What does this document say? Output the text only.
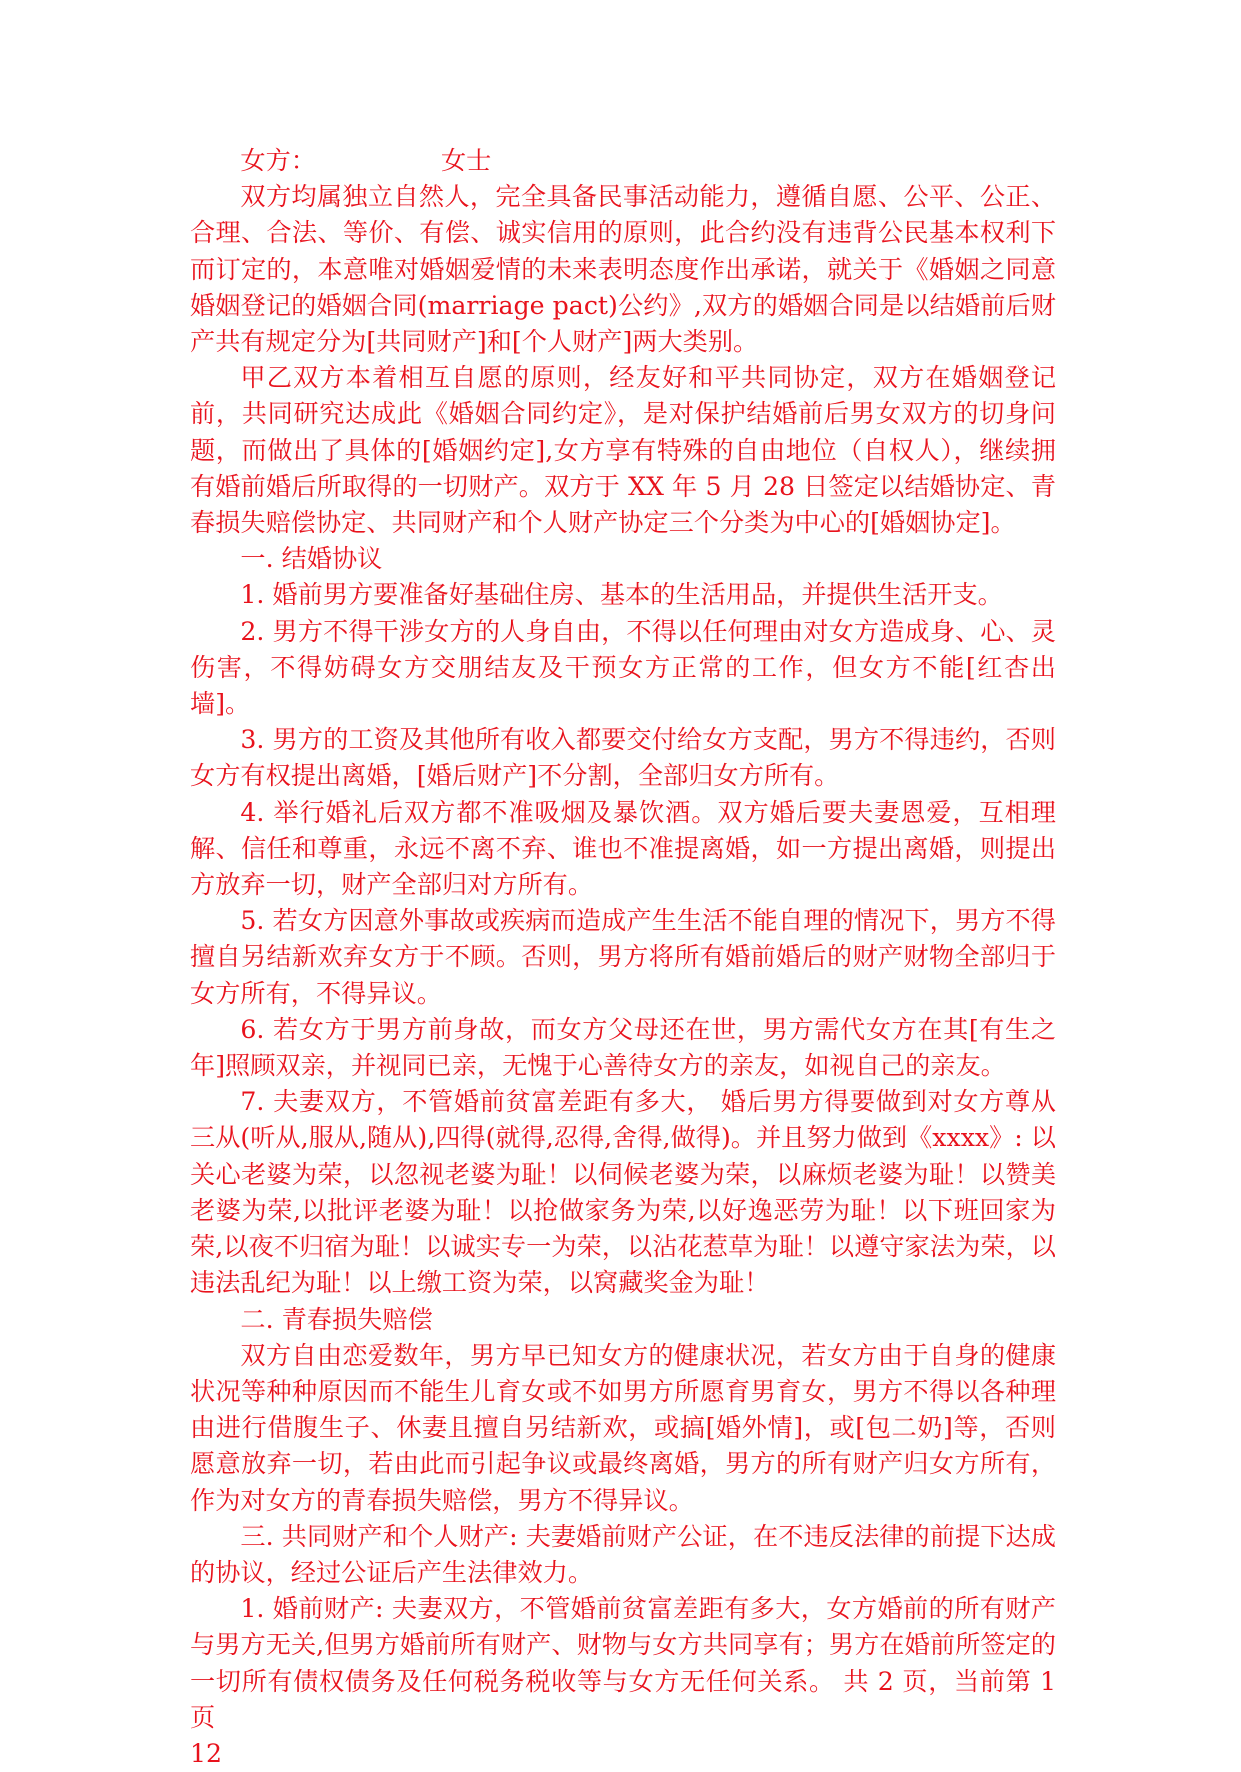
女方：	女士

双方均属独立自然人，完全具备民事活动能力，遵循自愿、公平、公正、合理、合法、等价、有偿、诚实信用的原则，此合约没有违背公民基本权利下而订定的，本意唯对婚姻爱情的未来表明态度作出承诺，就关于《婚姻之同意婚姻登记的婚姻合同(marriage pact)公约》,双方的婚姻合同是以结婚前后财产共有规定分为[共同财产]和[个人财产]两大类别。

甲乙双方本着相互自愿的原则，经友好和平共同协定，双方在婚姻登记前，共同研究达成此《婚姻合同约定》，是对保护结婚前后男女双方的切身问题，而做出了具体的[婚姻约定],女方享有特殊的自由地位（自权人），继续拥有婚前婚后所取得的一切财产。双方于 XX 年 5 月 28 日签定以结婚协定、青春损失赔偿协定、共同财产和个人财产协定三个分类为中心的[婚姻协定]。

一. 结婚协议

1. 婚前男方要准备好基础住房、基本的生活用品，并提供生活开支。

2. 男方不得干涉女方的人身自由，不得以任何理由对女方造成身、心、灵伤害，不得妨碍女方交朋结友及干预女方正常的工作，但女方不能[红杏出墙]。

3. 男方的工资及其他所有收入都要交付给女方支配，男方不得违约，否则女方有权提出离婚，[婚后财产]不分割，全部归女方所有。

4. 举行婚礼后双方都不准吸烟及暴饮酒。双方婚后要夫妻恩爱，互相理解、信任和尊重，永远不离不弃、谁也不准提离婚，如一方提出离婚，则提出方放弃一切，财产全部归对方所有。

5. 若女方因意外事故或疾病而造成产生生活不能自理的情况下，男方不得擅自另结新欢弃女方于不顾。否则，男方将所有婚前婚后的财产财物全部归于女方所有，不得异议。

6. 若女方于男方前身故，而女方父母还在世，男方需代女方在其[有生之年]照顾双亲，并视同已亲，无愧于心善待女方的亲友，如视自己的亲友。

7. 夫妻双方，不管婚前贫富差距有多大， 婚后男方得要做到对女方尊从三从(听从,服从,随从),四得(就得,忍得,舍得,做得)。并且努力做到《xxxx》: 以关心老婆为荣，以忽视老婆为耻！以伺候老婆为荣，以麻烦老婆为耻！以赞美老婆为荣,以批评老婆为耻！以抢做家务为荣,以好逸恶劳为耻！以下班回家为荣,以夜不归宿为耻！以诚实专一为荣，以沾花惹草为耻！以遵守家法为荣，以违法乱纪为耻！以上缴工资为荣，以窝藏奖金为耻！

二. 青春损失赔偿

双方自由恋爱数年，男方早已知女方的健康状况，若女方由于自身的健康状况等种种原因而不能生儿育女或不如男方所愿育男育女，男方不得以各种理由进行借腹生子、休妻且擅自另结新欢，或搞[婚外情]，或[包二奶]等，否则愿意放弃一切，若由此而引起争议或最终离婚，男方的所有财产归女方所有，作为对女方的青春损失赔偿，男方不得异议。

三. 共同财产和个人财产: 夫妻婚前财产公证，在不违反法律的前提下达成的协议，经过公证后产生法律效力。

1. 婚前财产: 夫妻双方，不管婚前贫富差距有多大，女方婚前的所有财产与男方无关,但男方婚前所有财产、财物与女方共同享有；男方在婚前所签定的一切所有债权债务及任何税务税收等与女方无任何关系。 共 2 页，当前第 1 页

12
